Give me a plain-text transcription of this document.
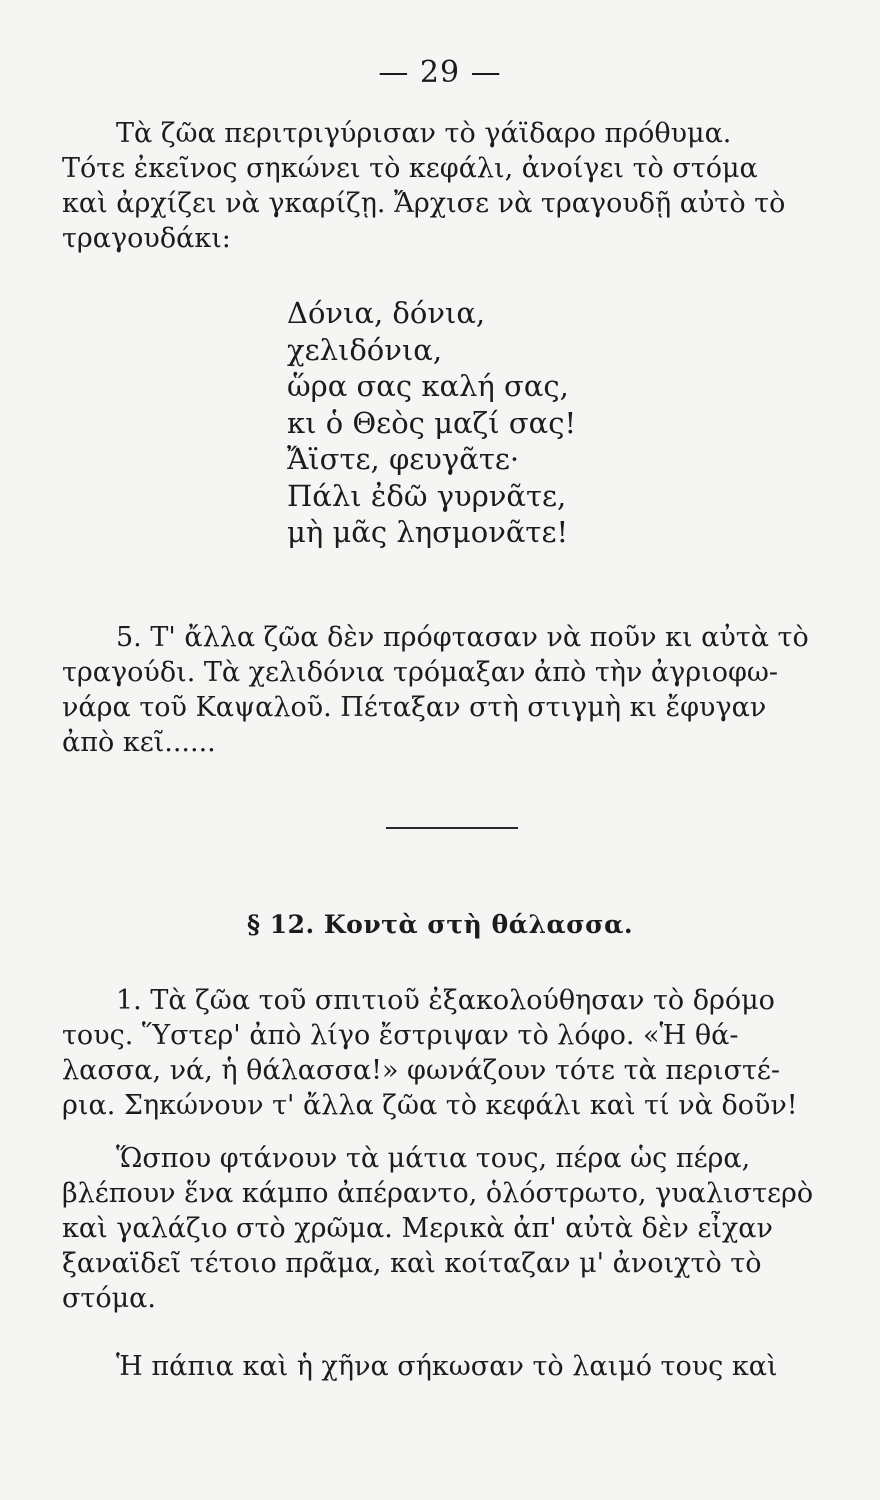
— 29 —
Τὰ ζῶα περιτριγύρισαν τὸ γάϊδαρο πρόθυμα.
Τότε ἐκεῖνος σηκώνει τὸ κεφάλι, ἀνοίγει τὸ στόμα
καὶ ἀρχίζει νὰ γκαρίζῃ. Ἄρχισε νὰ τραγουδῇ αὐτὸ τὸ
τραγουδάκι:
Δόνια, δόνια,
χελιδόνια,
ὥρα σας καλή σας,
κι ὁ Θεὸς μαζί σας!
Ἄϊστε, φευγᾶτε·
Πάλι ἐδῶ γυρνᾶτε,
μὴ μᾶς λησμονᾶτε!
5. Τ' ἄλλα ζῶα δὲν πρόφτασαν νὰ ποῦν κι αὐτὰ τὸ
τραγούδι. Τὰ χελιδόνια τρόμαξαν ἀπὸ τὴν ἀγριοφω-
νάρα τοῦ Καψαλοῦ. Πέταξαν στὴ στιγμὴ κι ἔφυγαν
ἀπὸ κεῖ......
§ 12. Κοντὰ στὴ θάλασσα.
1. Τὰ ζῶα τοῦ σπιτιοῦ ἐξακολούθησαν τὸ δρόμο
τους. Ὕστερ' ἀπὸ λίγο ἔστριψαν τὸ λόφο. «Ἡ θά-
λασσα, νά, ἡ θάλασσα!» φωνάζουν τότε τὰ περιστέ-
ρια. Σηκώνουν τ' ἄλλα ζῶα τὸ κεφάλι καὶ τί νὰ δοῦν!
Ὥσπου φτάνουν τὰ μάτια τους, πέρα ὡς πέρα,
βλέπουν ἕνα κάμπο ἀπέραντο, ὁλόστρωτο, γυαλιστερὸ
καὶ γαλάζιο στὸ χρῶμα. Μερικὰ ἀπ' αὐτὰ δὲν εἶχαν
ξαναϊδεῖ τέτοιο πρᾶμα, καὶ κοίταζαν μ' ἀνοιχτὸ τὸ
στόμα.
Ἡ πάπια καὶ ἡ χῆνα σήκωσαν τὸ λαιμό τους καὶ
